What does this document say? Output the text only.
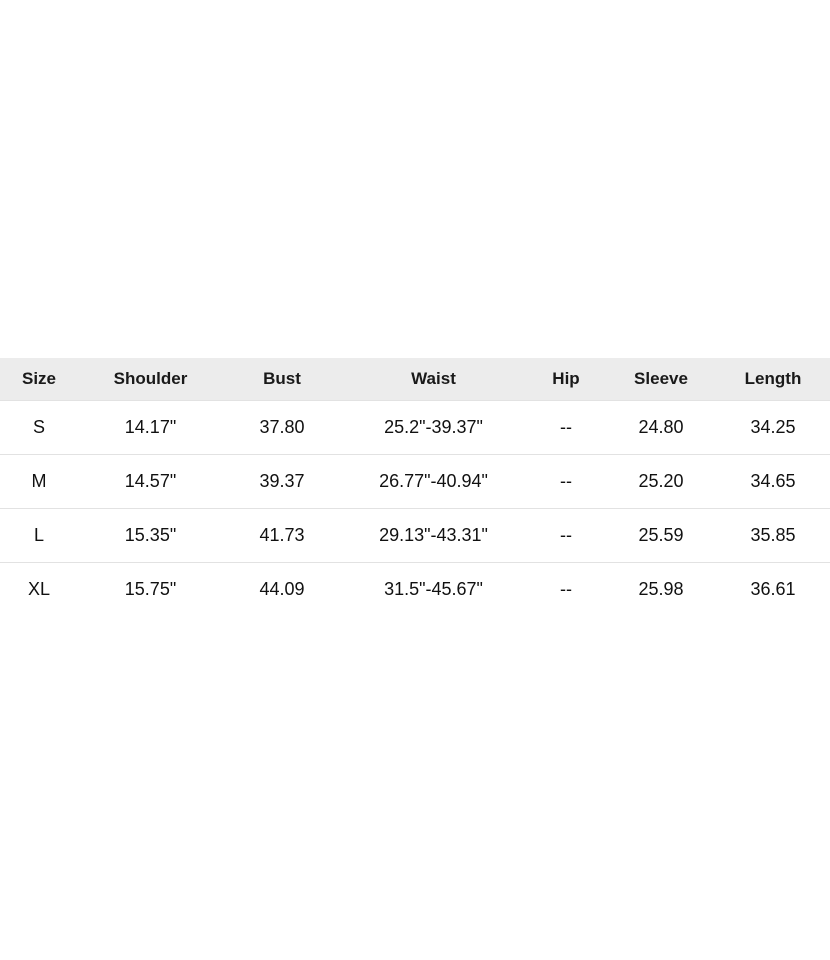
Size	Shoulder	Bust	Waist	Hip	Sleeve	Length
S	14.17"	37.80	25.2"-39.37"	--	24.80	34.25
M	14.57"	39.37	26.77"-40.94"	--	25.20	34.65
L	15.35"	41.73	29.13"-43.31"	--	25.59	35.85
XL	15.75"	44.09	31.5"-45.67"	--	25.98	36.61
